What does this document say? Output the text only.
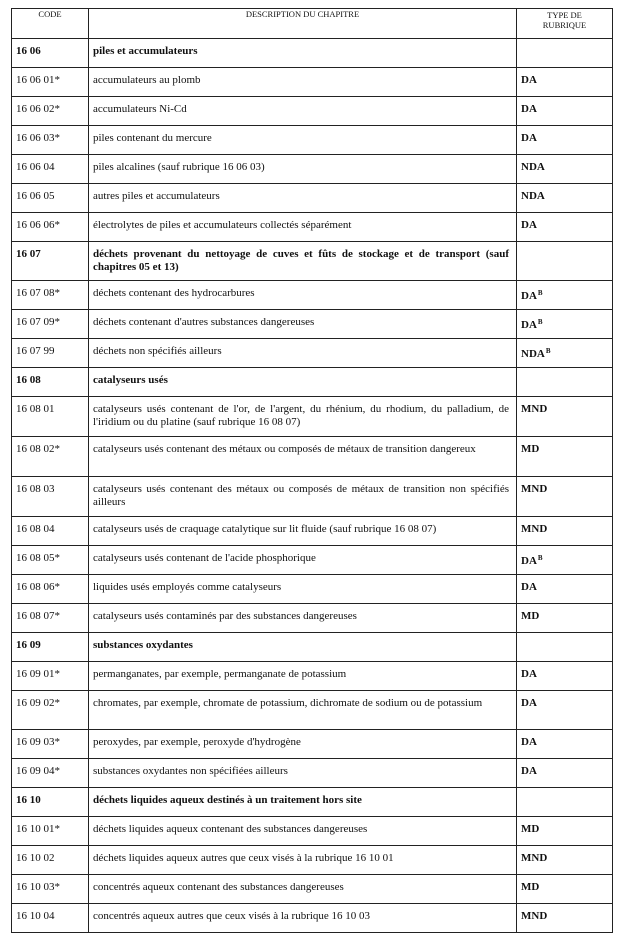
CODE	DESCRIPTION DU CHAPITRE	TYPE DE
RUBRIQUE

16 06	piles et accumulateurs	

16 06 01*	accumulateurs au plomb	DA

16 06 02*	accumulateurs Ni-Cd	DA

16 06 03*	piles contenant du mercure	DA

16 06 04	piles alcalines (sauf rubrique 16 06 03)	NDA

16 06 05	autres piles et accumulateurs	NDA

16 06 06*	électrolytes de piles et accumulateurs collectés séparément	DA

16 07	déchets provenant du nettoyage de cuves et fûts de stockage et de transport (sauf chapitres 05 et 13)	

16 07 08*	déchets contenant des hydrocarbures	$DA^B$

16 07 09*	déchets contenant d'autres substances dangereuses	$DA^B$

16 07 99	déchets non spécifiés ailleurs	$NDA^B$

16 08	catalyseurs usés	

16 08 01	catalyseurs usés contenant de l'or, de l'argent, du rhénium, du rhodium, du palladium, de l'iridium ou du platine (sauf rubrique 16 08 07)	MND

16 08 02*	catalyseurs usés contenant des métaux ou composés de métaux de transition dangereux	MD

16 08 03	catalyseurs usés contenant des métaux ou composés de métaux de transition non spécifiés ailleurs	MND

16 08 04	catalyseurs usés de craquage catalytique sur lit fluide (sauf rubrique 16 08 07)	MND

16 08 05*	catalyseurs usés contenant de l'acide phosphorique	$DA^B$

16 08 06*	liquides usés employés comme catalyseurs	DA

16 08 07*	catalyseurs usés contaminés par des substances dangereuses	MD

16 09	substances oxydantes	

16 09 01*	permanganates, par exemple, permanganate de potassium	DA

16 09 02*	chromates, par exemple, chromate de potassium, dichromate de sodium ou de potassium	DA

16 09 03*	peroxydes, par exemple, peroxyde d'hydrogène	DA

16 09 04*	substances oxydantes non spécifiées ailleurs	DA

16 10	déchets liquides aqueux destinés à un traitement hors site	

16 10 01*	déchets liquides aqueux contenant des substances dangereuses	MD

16 10 02	déchets liquides aqueux autres que ceux visés à la rubrique 16 10 01	MND

16 10 03*	concentrés aqueux contenant des substances dangereuses	MD

16 10 04	concentrés aqueux autres que ceux visés à la rubrique 16 10 03	MND
